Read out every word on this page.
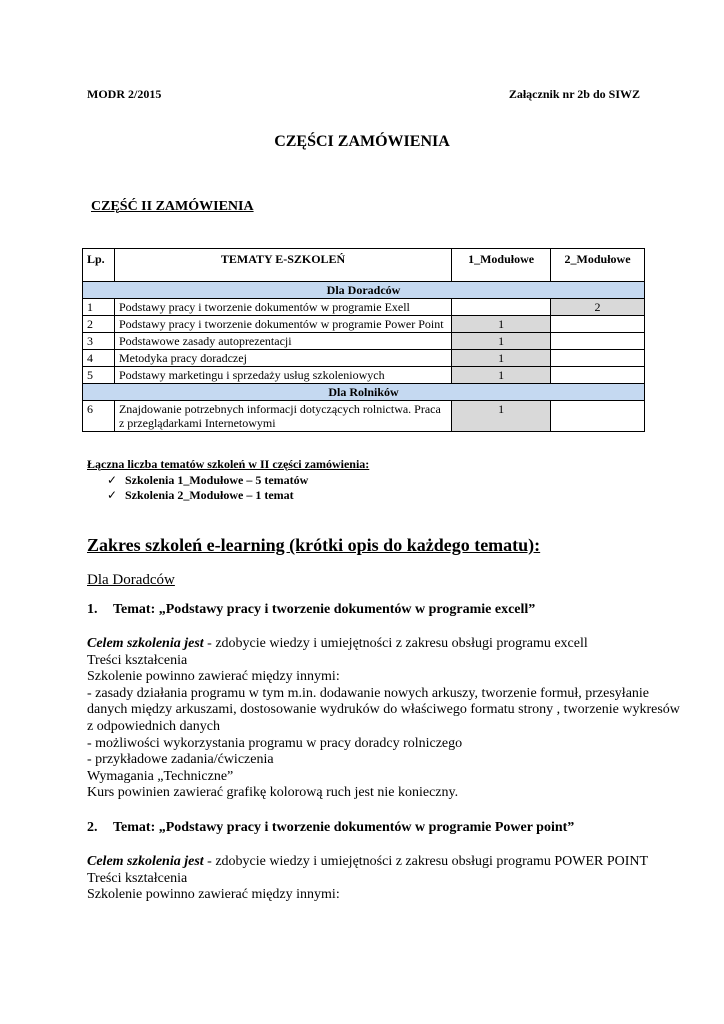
MODR 2/2015	Załącznik nr 2b do SIWZ
CZĘŚCI ZAMÓWIENIA
CZĘŚĆ II ZAMÓWIENIA
Lp.	TEMATY E-SZKOLEŃ	1_Modułowe	2_Modułowe
Dla Doradców			
1	Podstawy pracy i tworzenie dokumentów w programie Exell		2
2	Podstawy pracy i tworzenie dokumentów w programie Power Point	1	
3	Podstawowe zasady autoprezentacji	1	
4	Metodyka pracy doradczej	1	
5	Podstawy marketingu i sprzedaży usług szkoleniowych	1	
Dla Rolników			
6	Znajdowanie potrzebnych informacji dotyczących rolnictwa. Praca z przeglądarkami Internetowymi	1	
Łączna liczba tematów szkoleń w II części zamówienia:
✓ Szkolenia 1_Modułowe – 5 tematów
✓ Szkolenia 2_Modułowe – 1 temat
Zakres szkoleń e-learning (krótki opis do każdego tematu):
Dla Doradców
1. Temat: „Podstawy pracy i tworzenie dokumentów w programie excell”

Celem szkolenia jest - zdobycie wiedzy i umiejętności z zakresu obsługi programu excell

Treści kształcenia

Szkolenie powinno zawierać między innymi:

- zasady działania programu w tym m.in. dodawanie nowych arkuszy, tworzenie formuł, przesyłanie danych między arkuszami, dostosowanie wydruków do właściwego formatu strony , tworzenie wykresów z odpowiednich danych

- możliwości wykorzystania programu w pracy doradcy rolniczego

- przykładowe zadania/ćwiczenia

Wymagania „Techniczne”

Kurs powinien zawierać grafikę kolorową ruch jest nie konieczny.

2. Temat: „Podstawy pracy i tworzenie dokumentów w programie Power point”

Celem szkolenia jest - zdobycie wiedzy i umiejętności z zakresu obsługi programu POWER POINT

Treści kształcenia

Szkolenie powinno zawierać między innymi:
